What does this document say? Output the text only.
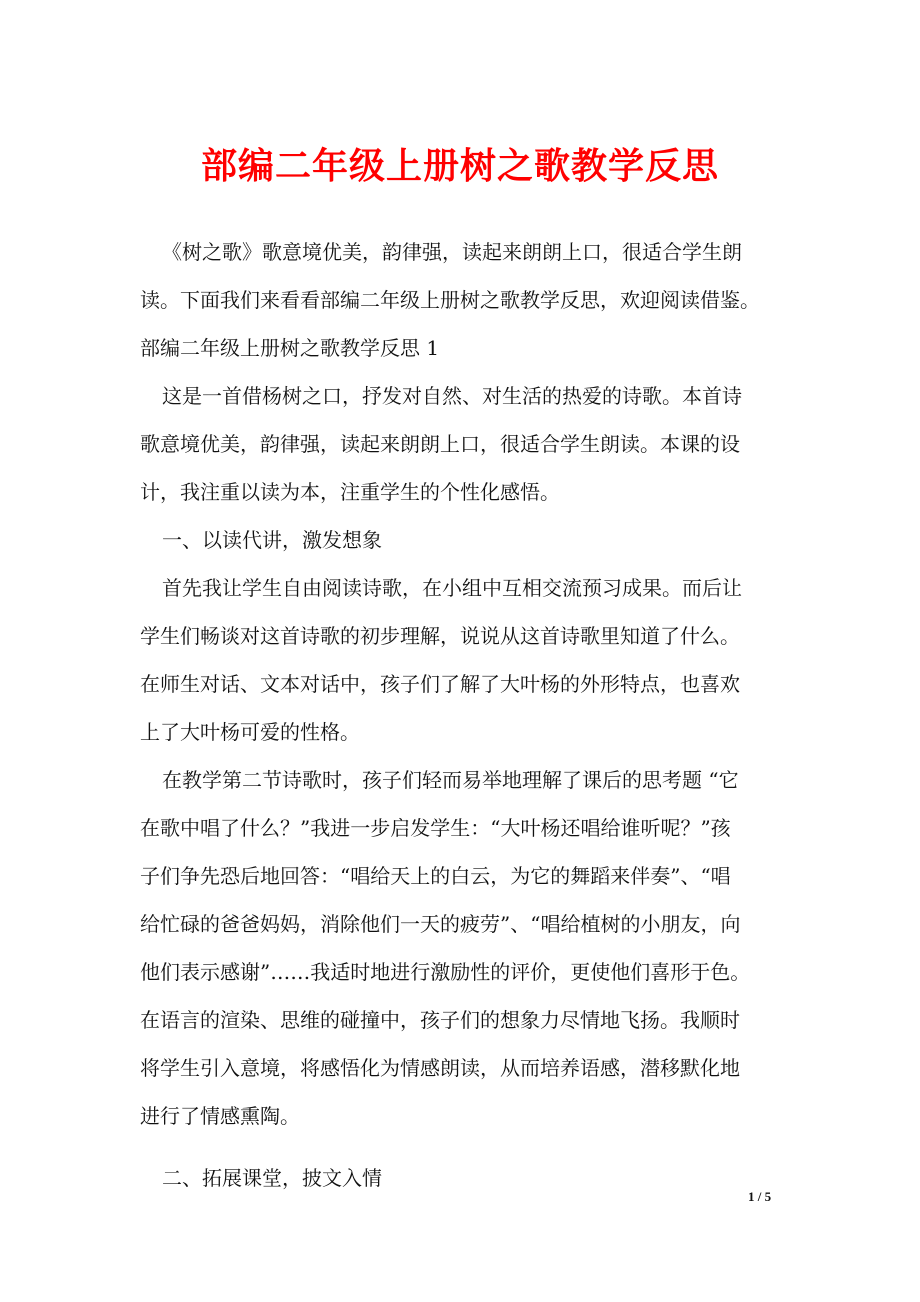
部编二年级上册树之歌教学反思
《树之歌》歌意境优美，韵律强，读起来朗朗上口，很适合学生朗
读。下面我们来看看部编二年级上册树之歌教学反思，欢迎阅读借鉴。
部编二年级上册树之歌教学反思 1
这是一首借杨树之口，抒发对自然、对生活的热爱的诗歌。本首诗
歌意境优美，韵律强，读起来朗朗上口，很适合学生朗读。本课的设
计，我注重以读为本，注重学生的个性化感悟。
一、以读代讲，激发想象
首先我让学生自由阅读诗歌，在小组中互相交流预习成果。而后让
学生们畅谈对这首诗歌的初步理解，说说从这首诗歌里知道了什么。
在师生对话、文本对话中，孩子们了解了大叶杨的外形特点，也喜欢
上了大叶杨可爱的性格。
在教学第二节诗歌时，孩子们轻而易举地理解了课后的思考题 “它
在歌中唱了什么？”我进一步启发学生：“大叶杨还唱给谁听呢？”孩
子们争先恐后地回答：“唱给天上的白云，为它的舞蹈来伴奏”、“唱
给忙碌的爸爸妈妈，消除他们一天的疲劳”、“唱给植树的小朋友，向
他们表示感谢”……我适时地进行激励性的评价，更使他们喜形于色。
在语言的渲染、思维的碰撞中，孩子们的想象力尽情地飞扬。我顺时
将学生引入意境，将感悟化为情感朗读，从而培养语感，潜移默化地
进行了情感熏陶。
二、拓展课堂，披文入情
1 / 5
